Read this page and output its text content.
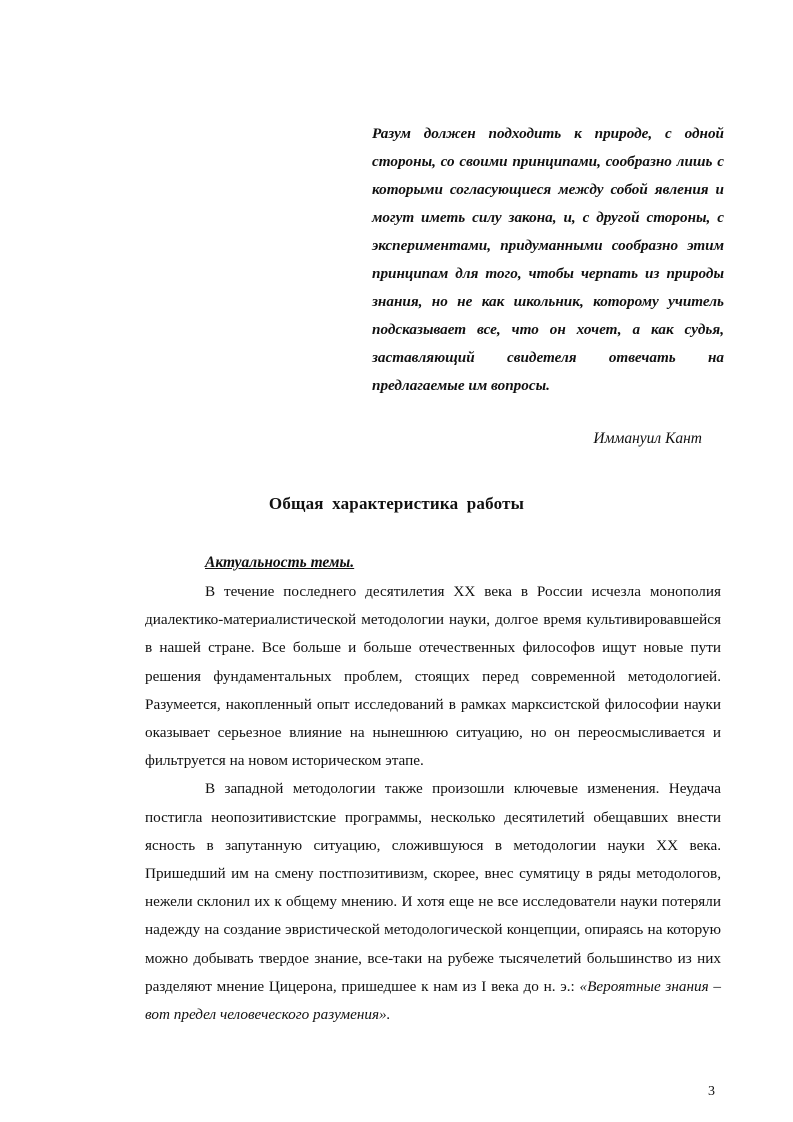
Разум должен подходить к природе, с одной стороны, со своими принципами, сообразно лишь с которыми согласующиеся между собой явления и могут иметь силу закона, и, с другой стороны, с экспериментами, придуманными сообразно этим принципам для того, чтобы черпать из природы знания, но не как школьник, которому учитель подсказывает все, что он хочет, а как судья, заставляющий свидетеля отвечать на предлагаемые им вопросы.
Иммануил Кант
Общая характеристика работы
Актуальность темы.

В течение последнего десятилетия XX века в России исчезла монополия диалектико-материалистической методологии науки, долгое время культивировавшейся в нашей стране. Все больше и больше отечественных философов ищут новые пути решения фундаментальных проблем, стоящих перед современной методологией. Разумеется, накопленный опыт исследований в рамках марксистской философии науки оказывает серьезное влияние на нынешнюю ситуацию, но он переосмысливается и фильтруется на новом историческом этапе.

В западной методологии также произошли ключевые изменения. Неудача постигла неопозитивистские программы, несколько десятилетий обещавших внести ясность в запутанную ситуацию, сложившуюся в методологии науки XX века. Пришедший им на смену постпозитивизм, скорее, внес сумятицу в ряды методологов, нежели склонил их к общему мнению. И хотя еще не все исследователи науки потеряли надежду на создание эвристической методологической концепции, опираясь на которую можно добывать твердое знание, все-таки на рубеже тысячелетий большинство из них разделяют мнение Цицерона, пришедшее к нам из I века до н. э.: «Вероятные знания – вот предел человеческого разумения».

3
